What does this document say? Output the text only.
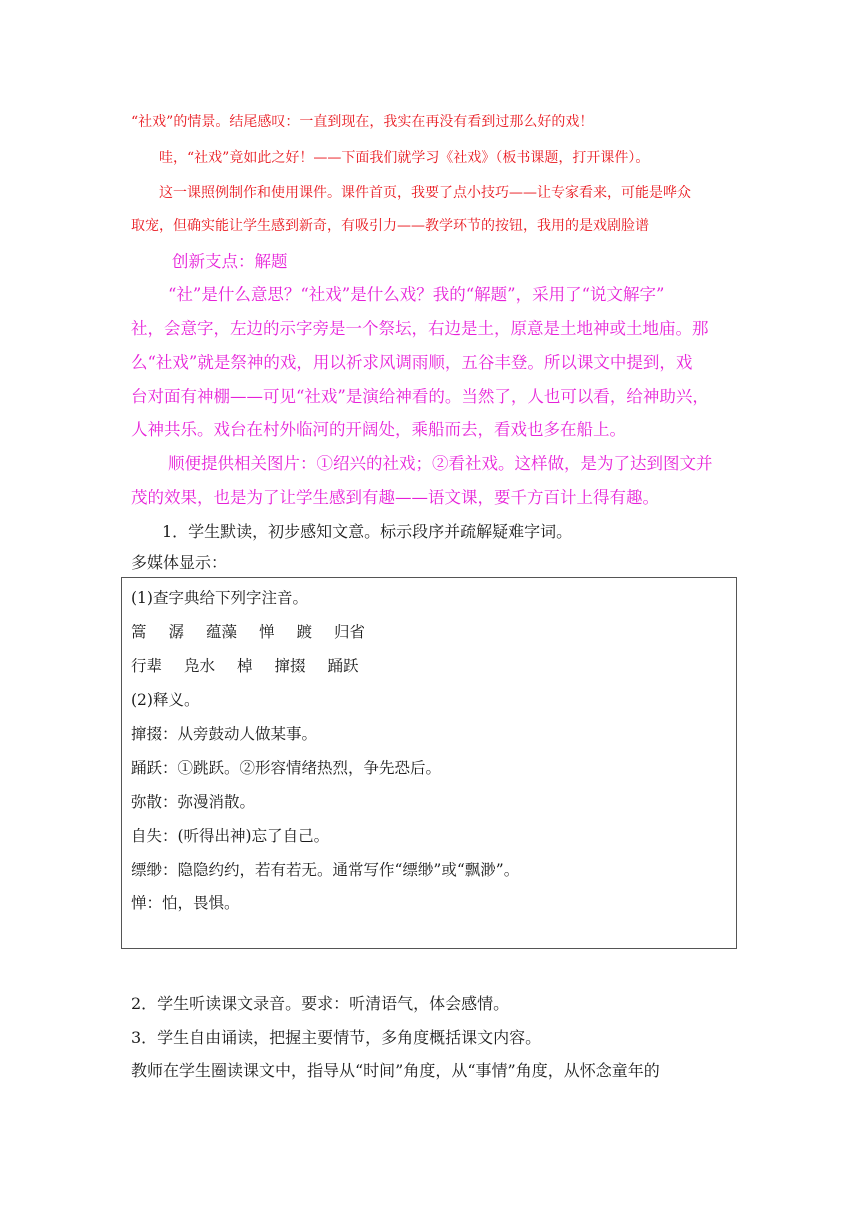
“社戏”的情景。结尾感叹：一直到现在，我实在再没有看到过那么好的戏！
哇，“社戏”竟如此之好！——下面我们就学习《社戏》（板书课题，打开课件）。
这一课照例制作和使用课件。课件首页，我要了点小技巧——让专家看来，可能是哗众
取宠，但确实能让学生感到新奇，有吸引力——教学环节的按钮，我用的是戏剧脸谱
创新支点：解题
“社”是什么意思？“社戏”是什么戏？我的“解题”，采用了“说文解字”
社，会意字，左边的示字旁是一个祭坛，右边是土，原意是土地神或土地庙。那
么“社戏”就是祭神的戏，用以祈求风调雨顺，五谷丰登。所以课文中提到，戏
台对面有神棚——可见“社戏”是演给神看的。当然了，人也可以看，给神助兴，
人神共乐。戏台在村外临河的开阔处，乘船而去，看戏也多在船上。
顺便提供相关图片：①绍兴的社戏；②看社戏。这样做，是为了达到图文并
茂的效果，也是为了让学生感到有趣——语文课，要千方百计上得有趣。
1．学生默读，初步感知文意。标示段序并疏解疑难字词。
多媒体显示：
(1)查字典给下列字注音。
篙 潺 蕴藻 惮 踱 归省
行辈 凫水 棹 撺掇 踊跃
(2)释义。
撺掇：从旁鼓动人做某事。
踊跃：①跳跃。②形容情绪热烈，争先恐后。
弥散：弥漫消散。
自失：(听得出神)忘了自己。
缥缈：隐隐约约，若有若无。通常写作“缥缈”或“飘渺”。
惮：怕，畏惧。
2．学生听读课文录音。要求：听清语气，体会感情。
3．学生自由诵读，把握主要情节，多角度概括课文内容。
教师在学生圈读课文中，指导从“时间”角度，从“事情”角度，从怀念童年的
